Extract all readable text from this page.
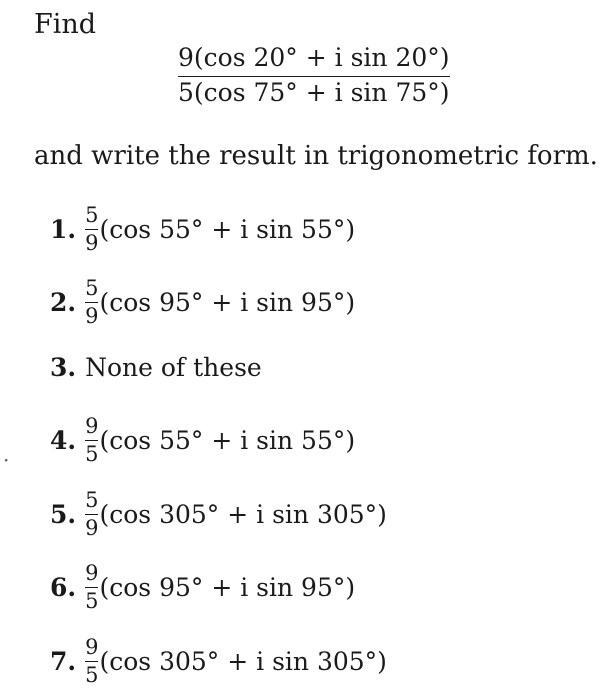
Find
9(cos 20° + i sin 20°)
5(cos 75° + i sin 75°)
and write the result in trigonometric form.
·
1. $\frac{5}{9} (\cos$ 55° + i sin 55°)
2. $\frac{5}{9} (\cos$ 95° + i sin 95°)
3. None of these
4. $\frac{9}{5} (\cos$ 55° + i sin 55°)
5. $\frac{5}{9} (\cos$ 305° + i sin 305°)
6. $\frac{9}{5} (\cos$ 95° + i sin 95°)
7. $\frac{9}{5} (\cos$ 305° + i sin 305°)
